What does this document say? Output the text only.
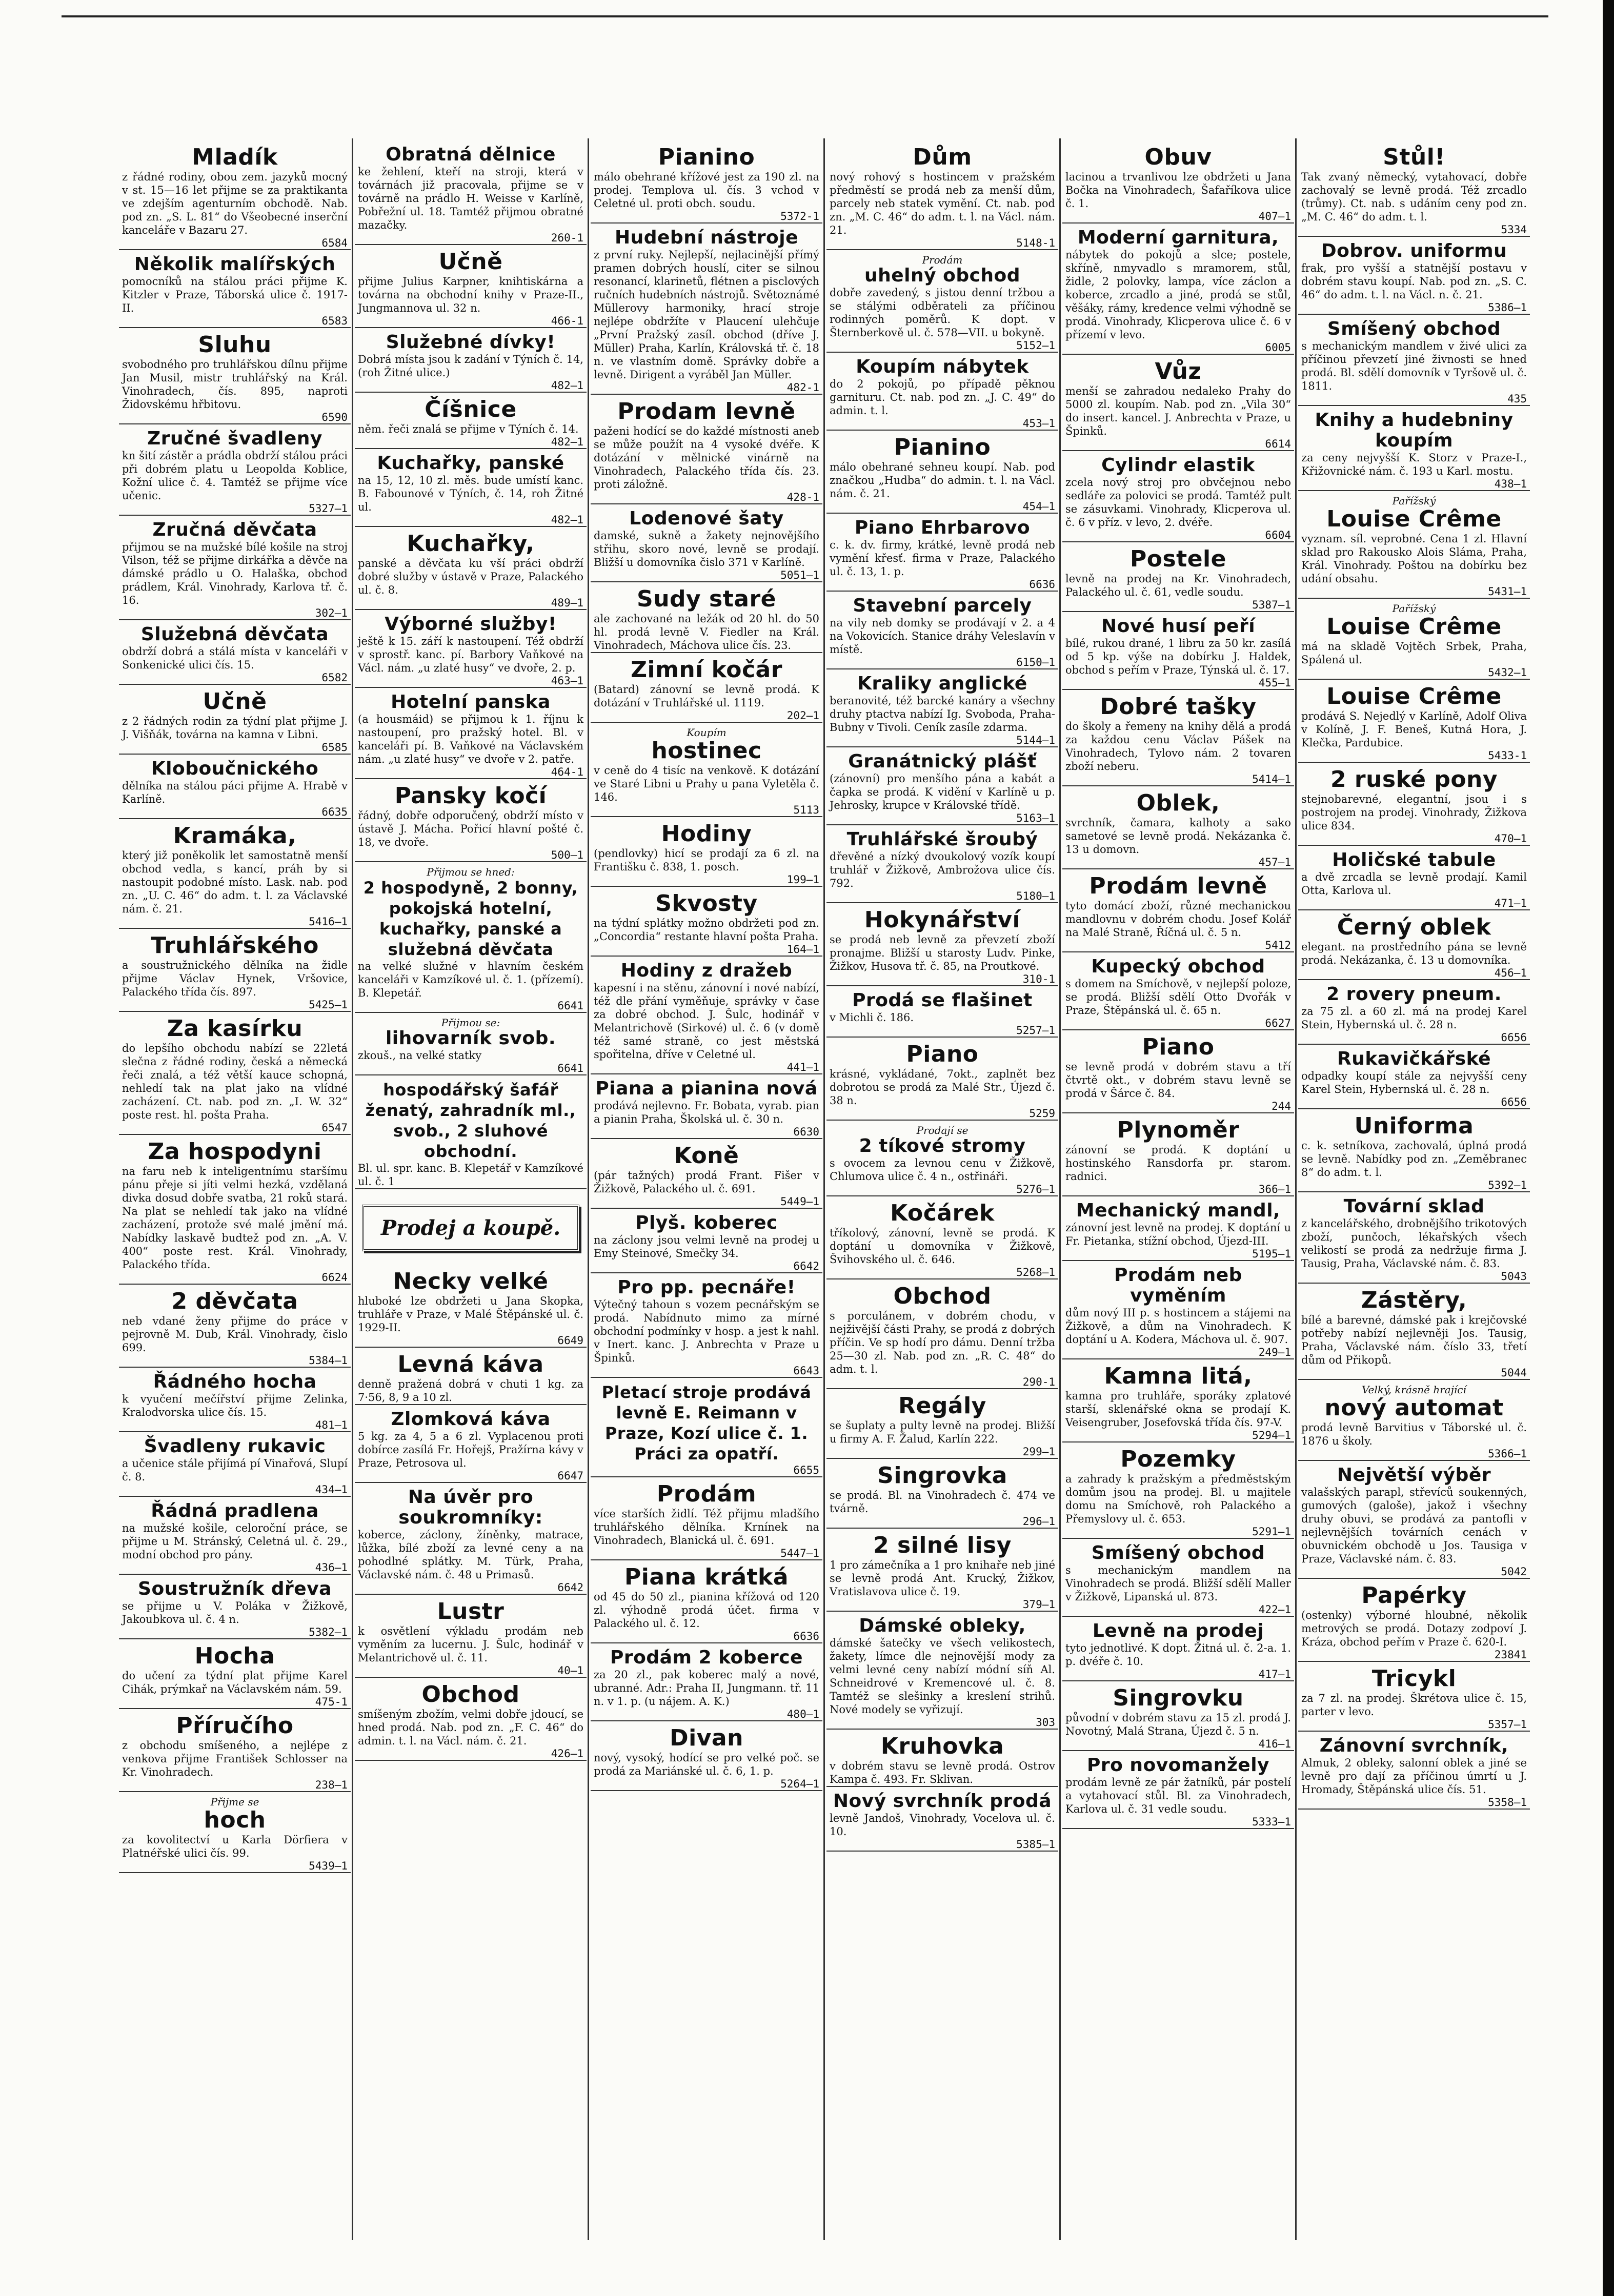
Mladík

z řádné rodiny, obou zem. jazyků mocný v st. 15—16 let přijme se za praktikanta ve zdejším agenturním obchodě. Nab. pod zn. „S. L. 81“ do Všeobecné inserční kanceláře v Bazaru 27.

6584

Několik malířských

pomocníků na stálou práci přijme K. Kitzler v Praze, Táborská ulice č. 1917-II.

6583

Sluhu

svobodného pro truhlářskou dílnu přijme Jan Musil, mistr truhlářský na Král. Vinohradech, čís. 895, naproti Židovskému hřbitovu.

6590

Zručné švadleny

kn šití zástěr a prádla obdrží stálou práci při dobrém platu u Leopolda Koblice, Kožní ulice č. 4. Tamtéž se přijme více učenic.

5327—1

Zručná děvčata

přijmou se na mužské bílé košile na stroj Vilson, též se přijme dirkářka a děvče na dámské prádlo u O. Halaška, obchod prádlem, Král. Vinohrady, Karlova tř. č. 16.

302—1

Služebná děvčata

obdrží dobrá a stálá místa v kanceláři v Sonkenické ulici čís. 15.

6582

Učně

z 2 řádných rodin za týdní plat přijme J. J. Višňák, továrna na kamna v Libni.

6585

Kloboučnického

dělníka na stálou páci přijme A. Hrabě v Karlíně.

6635

Kramáka,

který již poněkolik let samostatně menší obchod vedla, s kancí, práh by si nastoupit podobné místo. Lask. nab. pod zn. „U. C. 46“ do adm. t. l. za Václavské nám. č. 21.

5416—1

Truhlářského

a soustružnického dělníka na židle přijme Václav Hynek, Vršovice, Palackého třída čís. 897.

5425—1

Za kasírku

do lepšího obchodu nabízí se 22letá slečna z řádné rodiny, česká a německá řeči znalá, a též větší kauce schopná, nehledí tak na plat jako na vlídné zacházení. Ct. nab. pod zn. „I. W. 32“ poste rest. hl. pošta Praha.

6547

Za hospodyni

na faru neb k inteligentnímu staršímu pánu přeje si jíti velmi hezká, vzdělaná divka dosud dobře svatba, 21 roků stará. Na plat se nehledí tak jako na vlídné zacházení, protože své malé jmění má. Nabídky laskavě budtež pod zn. „A. V. 400“ poste rest. Král. Vinohrady, Palackého třída.

6624

2 děvčata

neb vdané ženy přijme do práce v pejrovně M. Dub, Král. Vinohrady, čislo 699.

5384—1

Řádného hocha

k vyučení mečířství přijme Zelinka, Kralodvorska ulice čís. 15.

481—1

Švadleny rukavic

a učenice stále přijímá pí Vinařová, Slupí č. 8.

434—1

Řádná pradlena

na mužské košile, celoroční práce, se přijme u M. Stránský, Celetná ul. č. 29., modní obchod pro pány.

436—1

Soustružník dřeva

se přijme u V. Poláka v Žižkově, Jakoubkova ul. č. 4 n.

5382—1

Hocha

do učení za týdní plat přijme Karel Cihák, prýmkař na Václavském nám. 59.

475-1

Příručího

z obchodu smíšeného, a nejlépe z venkova přijme František Schlosser na Kr. Vinohradech.

238—1

Přijme se

hoch

za kovolitectví u Karla Dörfiera v Platnéřské ulici čís. 99.

5439—1

Obratná dělnice

ke žehlení, kteří na stroji, která v továrnách již pracovala, přijme se v továrně na prádlo H. Weisse v Karlíně, Pobřežní ul. 18. Tamtéž přijmou obratné mazačky.

260-1

Učně

přijme Julius Karpner, knihtiskárna a továrna na obchodní knihy v Praze-II., Jungmannova ul. 32 n.

466-1

Služebné dívky!

Dobrá místa jsou k zadání v Týních č. 14, (roh Žitné ulice.)

482—1

Číšnice

něm. řeči znalá se přijme v Týních č. 14.

482—1

Kuchařky, panské

na 15, 12, 10 zl. měs. bude umístí kanc. B. Fabounové v Týních, č. 14, roh Žitné ul.

482—1

Kuchařky,

panské a děvčata ku vší práci obdrží dobré služby v ústavě v Praze, Palackého ul. č. 8.

489—1

Výborné služby!

ještě k 15. září k nastoupení. Též obdrží v sprostř. kanc. pí. Barbory Vaňkové na Václ. nám. „u zlaté husy“ ve dvoře, 2. p.

463—1

Hotelní panska

(a housmáid) se přijmou k 1. říjnu k nastoupení, pro pražský hotel. Bl. v kanceláři pí. B. Vaňkové na Václavském nám. „u zlaté husy“ ve dvoře v 2. patře.

464-1

Pansky kočí

řádný, dobře odporučený, obdrží místo v ústavě J. Mácha. Pořicí hlavní pošté č. 18, ve dvoře.

500—1

Přijmou se hned:

2 hospodyně, 2 bonny, pokojská hotelní, kuchařky, panské a služebná děvčata

na velké služné v hlavním českém kanceláři v Kamzíkové ul. č. 1. (přízemí). B. Klepetář.

6641

Přijmou se:

lihovarník svob.

zkouš., na velké statky

6641

hospodářský šafář ženatý, zahradník ml., svob., 2 sluhové obchodní.

Bl. ul. spr. kanc. B. Klepetář v Kamzíkové ul. č. 1

Prodej a koupě.
Necky velké

hluboké lze obdržeti u Jana Skopka, truhláře v Praze, v Malé Štěpánské ul. č. 1929-II.

6649

Levná káva

denně pražená dobrá v chuti 1 kg. za 7·56, 8, 9 a 10 zl.

Zlomková káva

5 kg. za 4, 5 a 6 zl. Vyplacenou proti dobírce zasílá Fr. Hořejš, Pražírna kávy v Praze, Petrosova ul.

6647

Na úvěr pro soukromníky:

koberce, záclony, žíněnky, matrace, lůžka, bílé zboží za levné ceny a na pohodlné splátky. M. Türk, Praha, Václavské nám. č. 48 u Primasů.

6642

Lustr

k osvětlení výkladu prodám neb vyměním za lucernu. J. Šulc, hodinář v Melantrichově ul. č. 11.

40—1

Obchod

smíšeným zbožím, velmi dobře jdoucí, se hned prodá. Nab. pod zn. „F. C. 46“ do admin. t. l. na Václ. nám. č. 21.

426—1

Pianino

málo obehrané křížové jest za 190 zl. na prodej. Templova ul. čís. 3 vchod v Celetné ul. proti obch. soudu.

5372-1

Hudební nástroje

z první ruky. Nejlepší, nejlacinější přímý pramen dobrých houslí, citer se silnou resonancí, klarinetů, flétnen a pisclových ručních hudebních nástrojů. Světoznámé Müllerovy harmoniky, hrací stroje nejlépe obdržíte v Plaucení ulehčuje „První Pražský zasíl. obchod (dříve J. Müller) Praha, Karlín, Královská tř. č. 18 n. ve vlastním domě. Správky dobře a levně. Dirigent a vyráběl Jan Müller.

482-1

Prodam levně

paženi hodící se do každé místnosti aneb se může použít na 4 vysoké dvéře. K dotázání v mělnické vinárně na Vinohradech, Palackého třída čís. 23. proti záložně.

428-1

Lodenové šaty

damské, sukně a žakety nejnovějšího střihu, skoro nové, levně se prodají. Bližší u domovníka čislo 371 v Karlíně.

5051—1

Sudy staré

ale zachované na ležák od 20 hl. do 50 hl. prodá levně V. Fiedler na Král. Vinohradech, Máchova ulice čís. 23.

Zimní kočár

(Batard) zánovní se levně prodá. K dotázání v Truhlářské ul. 1119.

202—1

Koupím

hostinec

v ceně do 4 tisíc na venkově. K dotázání ve Staré Libni u Prahy u pana Vyletěla č. 146.

5113

Hodiny

(pendlovky) hicí se prodají za 6 zl. na Františku č. 838, 1. posch.

199—1

Skvosty

na týdní splátky možno obdržeti pod zn. „Concordia“ restante hlavní pošta Praha.

164—1

Hodiny z dražeb

kapesní i na stěnu, zánovní i nové nabízí, též dle přání vyměňuje, správky v čase za dobré obchod. J. Šulc, hodinář v Melantrichově (Sirkové) ul. č. 6 (v domě též samé straně, co jest městská spořitelna, dříve v Celetné ul.

441—1

Piana a pianina nová

prodává nejlevno. Fr. Bobata, vyrab. pian a pianin Praha, Školská ul. č. 30 n.

6630

Koně

(pár tažných) prodá Frant. Fišer v Žižkově, Palackého ul. č. 691.

5449—1

Plyš. koberec

na záclony jsou velmi levně na prodej u Emy Steinové, Smečky 34.

6642

Pro pp. pecnáře!

Výtečný tahoun s vozem pecnářským se prodá. Nabídnuto mimo za mírné obchodní podmínky v hosp. a jest k nahl. v Inert. kanc. J. Anbrechta v Praze u Špinků.

6643

Pletací stroje prodává levně E. Reimann v Praze, Kozí ulice č. 1. Práci za opatří.

6655

Prodám

více starších židlí. Též přijmu mladšího truhlářského dělníka. Krnínek na Vinohradech, Blanická ul. č. 691.

5447—1

Piana krátká

od 45 do 50 zl., pianina křížová od 120 zl. výhodně prodá účet. firma v Palackého ul. č. 12.

6636

Prodám 2 koberce

za 20 zl., pak koberec malý a nové, ubranné. Adr.: Praha II, Jungmann. tř. 11 n. v 1. p. (u nájem. A. K.)

480—1

Divan

nový, vysoký, hodící se pro velké poč. se prodá za Mariánské ul. č. 6, 1. p.

5264—1

Dům

nový rohový s hostincem v pražském předměstí se prodá neb za menší dům, parcely neb statek vymění. Ct. nab. pod zn. „M. C. 46“ do adm. t. l. na Václ. nám. 21.

5148-1

Prodám

uhelný obchod

dobře zavedený, s jistou denní tržbou a se stálými odběrateli za příčinou rodinných poměrů. K dopt. v Šternberkově ul. č. 578—VII. u bokyně.

5152—1

Koupím nábytek

do 2 pokojů, po případě pěknou garnituru. Ct. nab. pod zn. „J. C. 49“ do admin. t. l.

453—1

Pianino

málo obehrané sehneu koupí. Nab. pod značkou „Hudba“ do admin. t. l. na Václ. nám. č. 21.

454—1

Piano Ehrbarovo

c. k. dv. firmy, krátké, levně prodá neb vymění křesť. firma v Praze, Palackého ul. č. 13, 1. p.

6636

Stavební parcely

na vily neb domky se prodávají v 2. a 4 na Vokovicích. Stanice dráhy Veleslavín v místě.

6150—1

Kraliky anglické

beranovité, též barcké kanáry a všechny druhy ptactva nabízí Ig. Svoboda, Praha-Bubny v Tivoli. Ceník zasíle zdarma.

5144—1

Granátnický plášť

(zánovní) pro menšího pána a kabát a čapka se prodá. K vidění v Karlíně u p. Jehrosky, krupce v Královské třídě.

5163—1

Truhlářské šroubý

dřevěné a nízký dvoukolový vozík koupí truhlář v Žižkově, Ambrožova ulice čís. 792.

5180—1

Hokynářství

se prodá neb levně za převzetí zboží pronajme. Bližší u starosty Ludv. Pinke, Žižkov, Husova tř. č. 85, na Proutkové.

310-1

Prodá se flašinet

v Michli č. 186.

5257—1

Piano

krásné, vykládané, 7okt., zaplnět bez dobrotou se prodá za Malé Str., Újezd č. 38 n.

5259

Prodají se

2 tíkové stromy

s ovocem za levnou cenu v Žižkově, Chlumova ulice č. 4 n., ostřináři.

5276—1

Kočárek

tříkolový, zánovní, levně se prodá. K doptání u domovníka v Žižkově, Švihovského ul. č. 646.

5268—1

Obchod

s porculánem, v dobrém chodu, v nejživější části Prahy, se prodá z dobrých příčin. Ve sp hodí pro dámu. Denní tržba 25—30 zl. Nab. pod zn. „R. C. 48“ do adm. t. l.

290-1

Regály

se šuplaty a pulty levně na prodej. Bližší u firmy A. F. Žalud, Karlín 222.

299—1

Singrovka

se prodá. Bl. na Vinohradech č. 474 ve tvárně.

296—1

2 silné lisy

1 pro zámečníka a 1 pro knihaře neb jiné se levně prodá Ant. Krucký, Žižkov, Vratislavova ulice č. 19.

379—1

Dámské obleky,

dámské šatečky ve všech velikostech, žakety, límce dle nejnovější mody za velmi levné ceny nabízí módní síň Al. Schneidrové v Kremencové ul. č. 8. Tamtéž se slešinky a kreslení strihů. Nové modely se vyřizují.

303

Kruhovka

v dobrém stavu se levně prodá. Ostrov Kampa č. 493. Fr. Sklivan.

Nový svrchník prodá

levně Jandoš, Vinohrady, Vocelova ul. č. 10.

5385—1

Obuv

lacinou a trvanlivou lze obdržeti u Jana Bočka na Vinohradech, Šafaříkova ulice č. 1.

407—1

Moderní garnitura,

nábytek do pokojů a slce; postele, skříně, nmyvadlo s mramorem, stůl, židle, 2 polovky, lampa, více záclon a koberce, zrcadlo a jiné, prodá se stůl, věšáky, rámy, kredence velmi výhodně se prodá. Vinohrady, Klicperova ulice č. 6 v přízemí v levo.

6005

Vůz

menší se zahradou nedaleko Prahy do 5000 zl. koupím. Nab. pod zn. „Vila 30“ do insert. kancel. J. Anbrechta v Praze, u Špinků.

6614

Cylindr elastik

zcela nový stroj pro obvčejnou nebo sedláře za polovici se prodá. Tamtéž pult se zásuvkami. Vinohrady, Klicperova ul. č. 6 v příz. v levo, 2. dvéře.

6604

Postele

levně na prodej na Kr. Vinohradech, Palackého ul. č. 61, vedle soudu.

5387—1

Nové husí peří

bílé, rukou drané, 1 libru za 50 kr. zasílá od 5 kp. výše na dobírku J. Haldek, obchod s peřím v Praze, Týnská ul. č. 17.

455—1

Dobré tašky

do školy a řemeny na knihy dělá a prodá za každou cenu Václav Pášek na Vinohradech, Tylovo nám. 2 tovaren zboží neberu.

5414—1

Oblek,

svrchník, čamara, kalhoty a sako sametové se levně prodá. Nekázanka č. 13 u domovn.

457—1

Prodám levně

tyto domácí zboží, různé mechanickou mandlovnu v dobrém chodu. Josef Kolář na Malé Straně, Říčná ul. č. 5 n.

5412

Kupecký obchod

s domem na Smíchově, v nejlepší poloze, se prodá. Bližší sdělí Otto Dvořák v Praze, Štěpánská ul. č. 65 n.

6627

Piano

se levně prodá v dobrém stavu a tří čtvrtě okt., v dobrém stavu levně se prodá v Šárce č. 84.

244

Plynoměr

zánovní se prodá. K doptání u hostinského Ransdorfa pr. starom. radnici.

366—1

Mechanický mandl,

zánovní jest levně na prodej. K doptání u Fr. Pietanka, stížní obchod, Újezd-III.

5195—1

Prodám neb vyměním

dům nový III p. s hostincem a stájemi na Žižkově, a dům na Vinohradech. K doptání u A. Kodera, Máchova ul. č. 907.

249—1

Kamna litá,

kamna pro truhláře, sporáky zplatové starší, sklenářské okna se prodají K. Veisengruber, Josefovská třída čís. 97-V.

5294—1

Pozemky

a zahrady k pražským a předměstským domům jsou na prodej. Bl. u majitele domu na Smíchově, roh Palackého a Přemyslovy ul. č. 653.

5291—1

Smíšený obchod

s mechanickým mandlem na Vinohradech se prodá. Bližší sdělí Maller v Žižkově, Lipanská ul. 873.

422—1

Levně na prodej

tyto jednotlivé. K dopt. Žitná ul. č. 2-a. 1. p. dvéře č. 10.

417—1

Singrovku

původní v dobrém stavu za 15 zl. prodá J. Novotný, Malá Strana, Újezd č. 5 n.

416—1

Pro novomanžely

prodám levně ze pár žatníků, pár postelí a vytahovací stůl. Bl. za Vinohradech, Karlova ul. č. 31 vedle soudu.

5333—1

Stůl!

Tak zvaný německý, vytahovací, dobře zachovalý se levně prodá. Též zrcadlo (trůmy). Ct. nab. s udáním ceny pod zn. „M. C. 46“ do adm. t. l.

5334

Dobrov. uniformu

frak, pro vyšší a statnější postavu v dobrém stavu koupí. Nab. pod zn. „S. C. 46“ do adm. t. l. na Václ. n. č. 21.

5386—1

Smíšený obchod

s mechanickým mandlem v živé ulici za příčinou převzetí jiné živnosti se hned prodá. Bl. sdělí domovník v Tyršově ul. č. 1811.

435

Knihy a hudebniny koupím

za ceny nejvyšší K. Storz v Praze-I., Křižovnické nám. č. 193 u Karl. mostu.

438—1

Pařížský

Louise Crême

vyznam. síl. veprobné. Cena 1 zl. Hlavní sklad pro Rakousko Alois Sláma, Praha, Král. Vinohrady. Poštou na dobírku bez udání obsahu.

5431—1

Pařížský

Louise Crême

má na skladě Vojtěch Srbek, Praha, Spálená ul.

5432—1

Louise Crême

prodává S. Nejedlý v Karlíně, Adolf Oliva v Kolíně, J. F. Beneš, Kutná Hora, J. Klečka, Pardubice.

5433-1

2 ruské pony

stejnobarevné, elegantní, jsou i s postrojem na prodej. Vinohrady, Žižkova ulice 834.

470—1

Holičské tabule

a dvě zrcadla se levně prodají. Kamil Otta, Karlova ul.

471—1

Černý oblek

elegant. na prostředního pána se levně prodá. Nekázanka, č. 13 u domovníka.

456—1

2 rovery pneum.

za 75 zl. a 60 zl. má na prodej Karel Stein, Hybernská ul. č. 28 n.

6656

Rukavičkářské

odpadky koupí stále za nejvyšší ceny Karel Stein, Hybernská ul. č. 28 n.

6656

Uniforma

c. k. setníkova, zachovalá, úplná prodá se levně. Nabídky pod zn. „Zeměbranec 8“ do adm. t. l.

5392—1

Tovární sklad

z kancelářského, drobnějšího trikotových zboží, punčoch, lékařských všech velikostí se prodá za nedržuje firma J. Tausig, Praha, Václavské nám. č. 83.

5043

Zástěry,

bílé a barevné, dámské pak i krejčovské potřeby nabízí nejlevněji Jos. Tausig, Praha, Václavské nám. číslo 33, třetí dům od Přikopů.

5044

Velký, krásně hrající

nový automat

prodá levně Barvitius v Táborské ul. č. 1876 u školy.

5366—1

Největší výběr

valašských parapl, střevíců soukenných, gumových (galoše), jakož i všechny druhy obuvi, se prodává za pantofli v nejlevnějších továrních cenách v obuvnickém obchodě u Jos. Tausiga v Praze, Václavské nám. č. 83.

5042

Papérky

(ostenky) výborné hloubné, několik metrových se prodá. Dotazy zodpoví J. Kráza, obchod peřím v Praze č. 620-I.

23841

Tricykl

za 7 zl. na prodej. Škrétova ulice č. 15, parter v levo.

5357—1

Zánovní svrchník,

Almuk, 2 obleky, salonní oblek a jiné se levně pro dají za příčinou úmrtí u J. Hromady, Štěpánská ulice čís. 51.

5358—1
